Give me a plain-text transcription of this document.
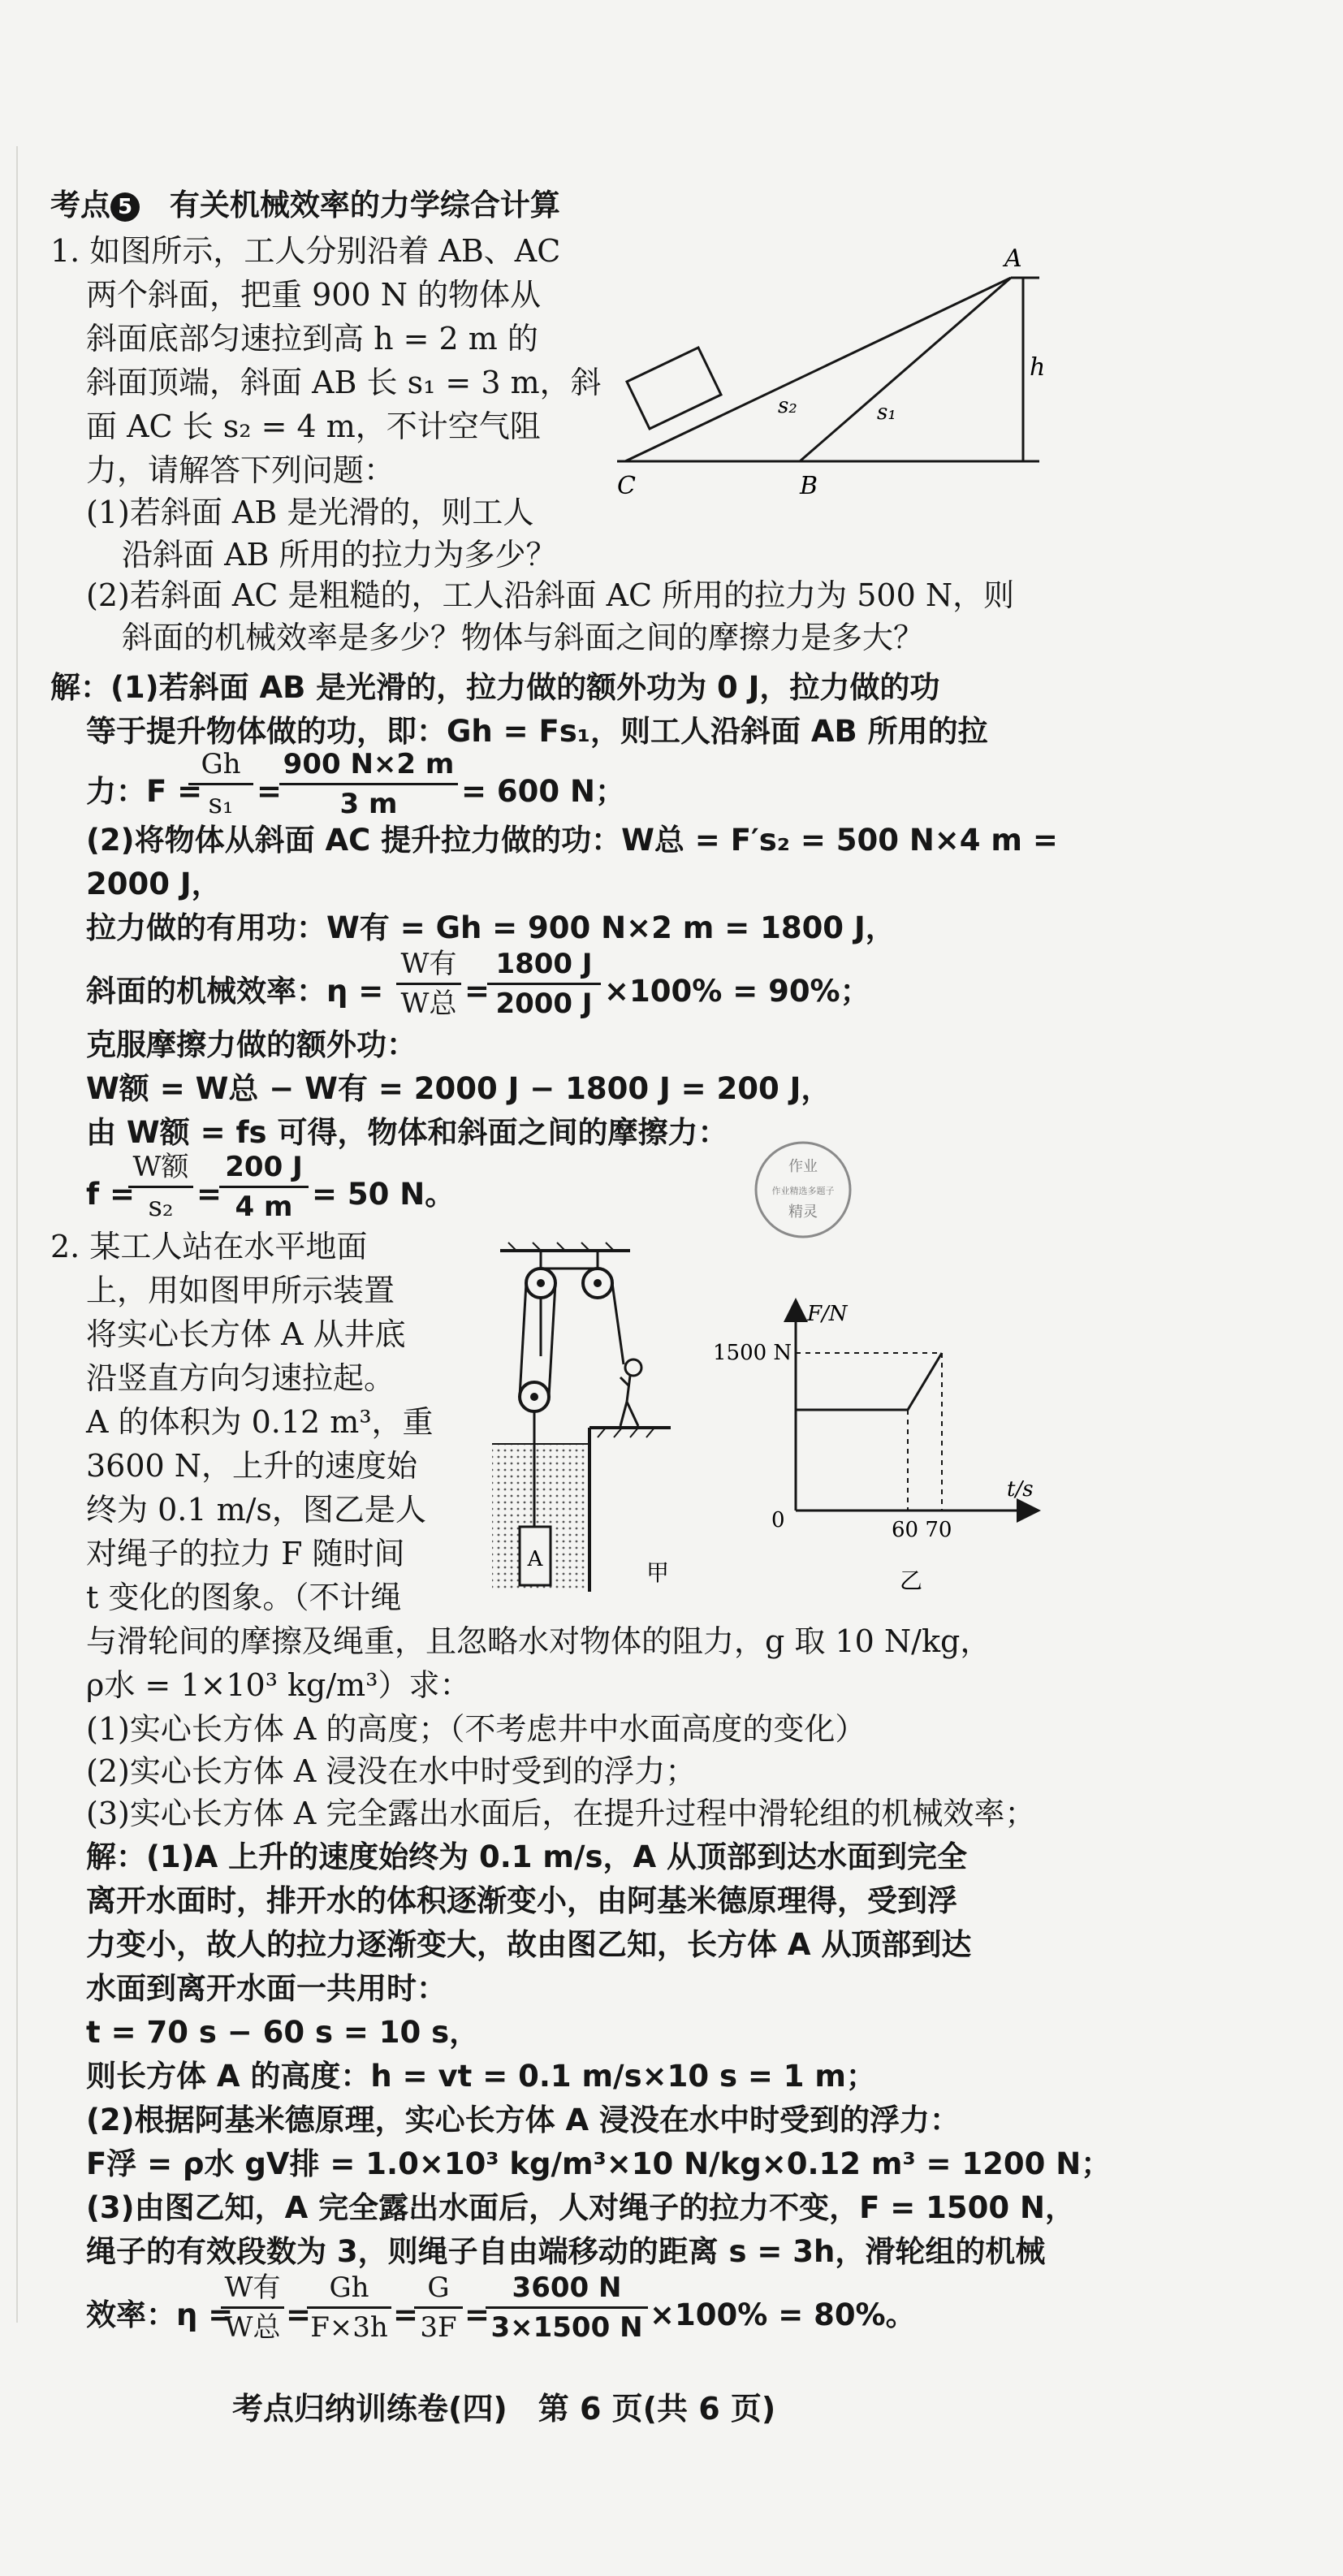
考点 5 有关机械效率的力学综合计算
1. 如图所示，工人分别沿着 AB、AC
两个斜面，把重 900 N 的物体从
斜面底部匀速拉到高 h = 2 m 的
斜面顶端，斜面 AB 长 s₁ = 3 m，斜
面 AC 长 s₂ = 4 m，不计空气阻
力，请解答下列问题：
(1)若斜面 AB 是光滑的，则工人
沿斜面 AB 所用的拉力为多少？
(2)若斜面 AC 是粗糙的，工人沿斜面 AC 所用的拉力为 500 N，则
斜面的机械效率是多少？物体与斜面之间的摩擦力是多大？
A
B
C
h
s₂	s₁
解：(1)若斜面 AB 是光滑的，拉力做的额外功为 0 J，拉力做的功
等于提升物体做的功，即：Gh = Fs₁，则工人沿斜面 AB 所用的拉
力：F =
Gh
s₁ =
900 N×2 m
3 m	= 600 N；
(2)将物体从斜面 AC 提升拉力做的功：W总 = F′s₂ = 500 N×4 m =
2000 J，
拉力做的有用功：W有 = Gh = 900 N×2 m = 1800 J，
斜面的机械效率：η =
W有
W总 =
1800 J
2000 J ×100% = 90%；
克服摩擦力做的额外功：
W额 = W总 − W有 = 2000 J − 1800 J = 200 J，
由 W额 = fs 可得，物体和斜面之间的摩擦力：
f =
W额
s₂ =
200 J
4 m = 50 N。
作业
作业精选多题子
精灵
2. 某工人站在水平地面
上，用如图甲所示装置
将实心长方体 A 从井底
沿竖直方向匀速拉起。
A 的体积为 0.12 m³，重
3600 N，上升的速度始
终为 0.1 m/s，图乙是人
对绳子的拉力 F 随时间
t 变化的图象。（不计绳
与滑轮间的摩擦及绳重，且忽略水对物体的阻力，g 取 10 N/kg，
ρ水 = 1×10³ kg/m³）求：
(1)实心长方体 A 的高度；（不考虑井中水面高度的变化）
(2)实心长方体 A 浸没在水中时受到的浮力；
(3)实心长方体 A 完全露出水面后，在提升过程中滑轮组的机械效率；
A	甲
F/N
t/s
1500 N
0	60 70
乙
解：(1)A 上升的速度始终为 0.1 m/s，A 从顶部到达水面到完全
离开水面时，排开水的体积逐渐变小，由阿基米德原理得，受到浮
力变小，故人的拉力逐渐变大，故由图乙知，长方体 A 从顶部到达
水面到离开水面一共用时：
t = 70 s − 60 s = 10 s，
则长方体 A 的高度：h = vt = 0.1 m/s×10 s = 1 m；
(2)根据阿基米德原理，实心长方体 A 浸没在水中时受到的浮力：
F浮 = ρ水 gV排 = 1.0×10³ kg/m³×10 N/kg×0.12 m³ = 1200 N；
(3)由图乙知，A 完全露出水面后，人对绳子的拉力不变，F = 1500 N，
绳子的有效段数为 3，则绳子自由端移动的距离 s = 3h，滑轮组的机械
效率：η =
W有
W总 =
Gh
F×3h =
G
3F =
3600 N
3×1500 N ×100% = 80%。
考点归纳训练卷(四)　第 6 页(共 6 页)
